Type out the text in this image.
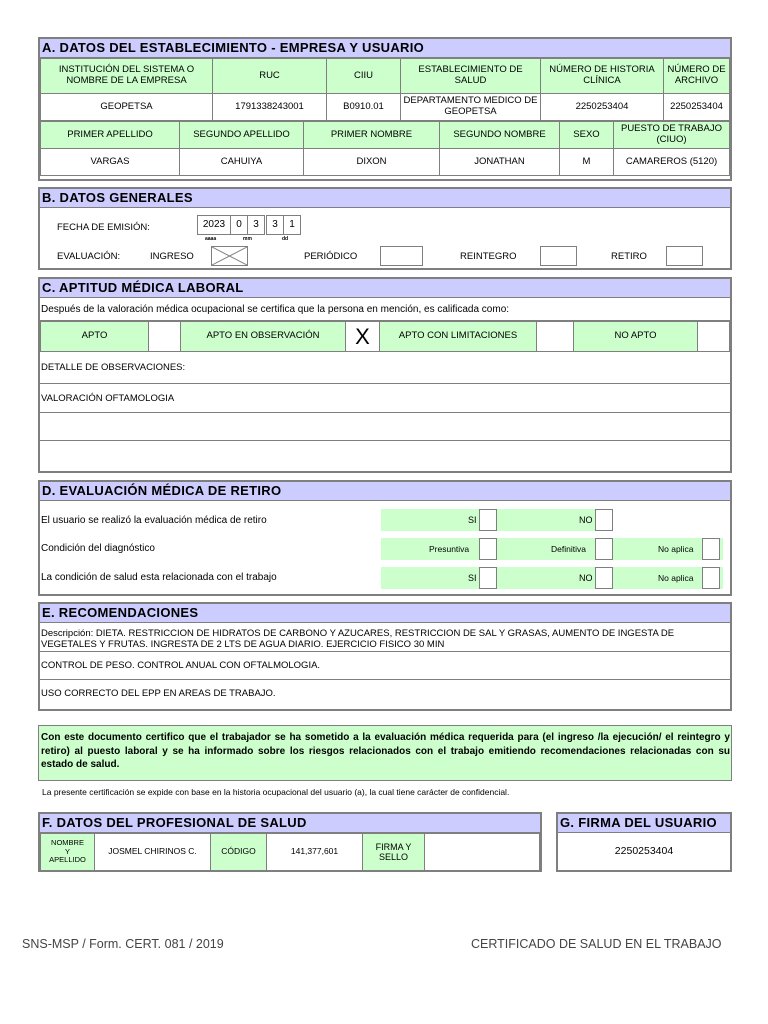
A. DATOS DEL ESTABLECIMIENTO - EMPRESA Y USUARIO
INSTITUCIÓN DEL SISTEMA O NOMBRE DE LA EMPRESA	RUC	CIIU	ESTABLECIMIENTO DE SALUD	NÚMERO DE HISTORIA CLÍNICA	NÚMERO DE ARCHIVO
GEOPETSA	1791338243001	B0910.01	DEPARTAMENTO MEDICO DE GEOPETSA	2250253404	2250253404
PRIMER APELLIDO	SEGUNDO APELLIDO	PRIMER NOMBRE	SEGUNDO NOMBRE	SEXO	PUESTO DE TRABAJO (CIUO)
VARGAS	CAHUIYA	DIXON	JONATHAN	M	CAMAREROS (5120)
B. DATOS GENERALES
FECHA DE EMISIÓN:	2023	0	3	3	1
aaaa	mm	dd
EVALUACIÓN:	INGRESO	PERIÓDICO	REINTEGRO	RETIRO
C. APTITUD MÉDICA LABORAL
Después de la valoración médica ocupacional se certifica que la persona en mención, es calificada como:
APTO		APTO EN OBSERVACIÓN	X	APTO CON LIMITACIONES		NO APTO	
DETALLE DE OBSERVACIONES:
VALORACIÓN OFTAMOLOGIA
D. EVALUACIÓN MÉDICA DE RETIRO
El usuario se realizó la evaluación médica de retiro	SI	NO
Condición del diagnóstico	Presuntiva	Definitiva	No aplica
La condición de salud esta relacionada con el trabajo	SI	NO	No aplica
E. RECOMENDACIONES
Descripción: DIETA. RESTRICCION DE HIDRATOS DE CARBONO Y AZUCARES, RESTRICCION DE SAL Y GRASAS, AUMENTO DE INGESTA DE VEGETALES Y FRUTAS. INGRESTA DE 2 LTS DE AGUA DIARIO. EJERCICIO FISICO 30 MIN
CONTROL DE PESO. CONTROL ANUAL CON OFTALMOLOGIA.
USO CORRECTO DEL EPP EN AREAS DE TRABAJO.
Con este documento certifico que el trabajador se ha sometido a la evaluación médica requerida para (el ingreso /la ejecución/ el reintegro y retiro) al puesto laboral y se ha informado sobre los riesgos relacionados con el trabajo emitiendo recomendaciones relacionadas con su estado de salud.
La presente certificación se expide con base en la historia ocupacional del usuario (a), la cual tiene carácter de confidencial.
F. DATOS DEL PROFESIONAL DE SALUD
NOMBRE Y APELLIDO	JOSMEL CHIRINOS C.	CÓDIGO	141,377,601	FIRMA Y SELLO	
G. FIRMA DEL USUARIO
2250253404
SNS-MSP / Form. CERT. 081 / 2019	CERTIFICADO DE SALUD EN EL TRABAJO
